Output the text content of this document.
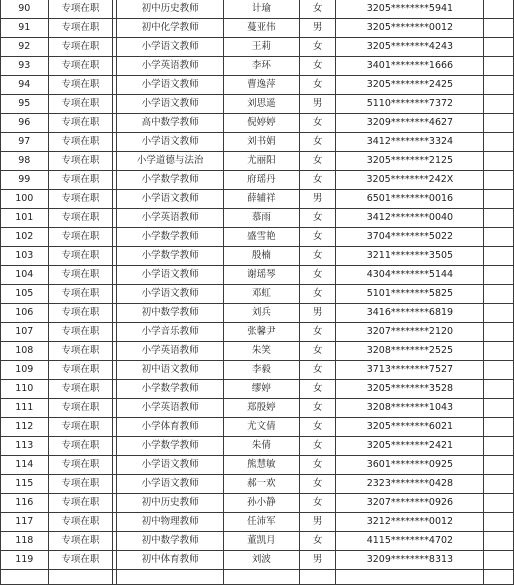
90	专项在职		初中历史教师	计瑜	女	3205********5941	
91	专项在职		初中化学教师	蔓亚伟	男	3205********0012	
92	专项在职		小学语文教师	王莉	女	3205********4243	
93	专项在职		小学英语教师	李环	女	3401********1666	
94	专项在职		小学语文教师	曹逸萍	女	3205********2425	
95	专项在职		小学语文教师	刘思遥	男	5110********7372	
96	专项在职		高中数学教师	倪婷婷	女	3209********4627	
97	专项在职		小学语文教师	刘书娟	女	3412********3324	
98	专项在职		小学道德与法治	尤丽阳	女	3205********2125	
99	专项在职		小学数学教师	府瑶丹	女	3205********242X	
100	专项在职		小学语文教师	薛辅祥	男	6501********0016	
101	专项在职		小学英语教师	慕雨	女	3412********0040	
102	专项在职		小学数学教师	盛雪艳	女	3704********5022	
103	专项在职		小学数学教师	殷楠	女	3211********3505	
104	专项在职		小学语文教师	谢瑶琴	女	4304********5144	
105	专项在职		小学语文教师	邓虹	女	5101********5825	
106	专项在职		初中数学教师	刘兵	男	3416********6819	
107	专项在职		小学音乐教师	张馨尹	女	3207********2120	
108	专项在职		小学英语教师	朱笑	女	3208********2525	
109	专项在职		初中语文教师	李毅	女	3713********7527	
110	专项在职		小学数学教师	缪婷	女	3205********3528	
111	专项在职		小学英语教师	郑殷婷	女	3208********1043	
112	专项在职		小学体育教师	尤文倩	女	3205********6021	
113	专项在职		小学数学教师	朱倩	女	3205********2421	
114	专项在职		小学语文教师	熊慧敏	女	3601********0925	
115	专项在职		小学语文教师	郝一欢	女	2323********0428	
116	专项在职		初中历史教师	孙小静	女	3207********0926	
117	专项在职		初中物理教师	任沛军	男	3212********0012	
118	专项在职		初中数学教师	董凯月	女	4115********4702	
119	专项在职		初中体育教师	刘波	男	3209********8313	
